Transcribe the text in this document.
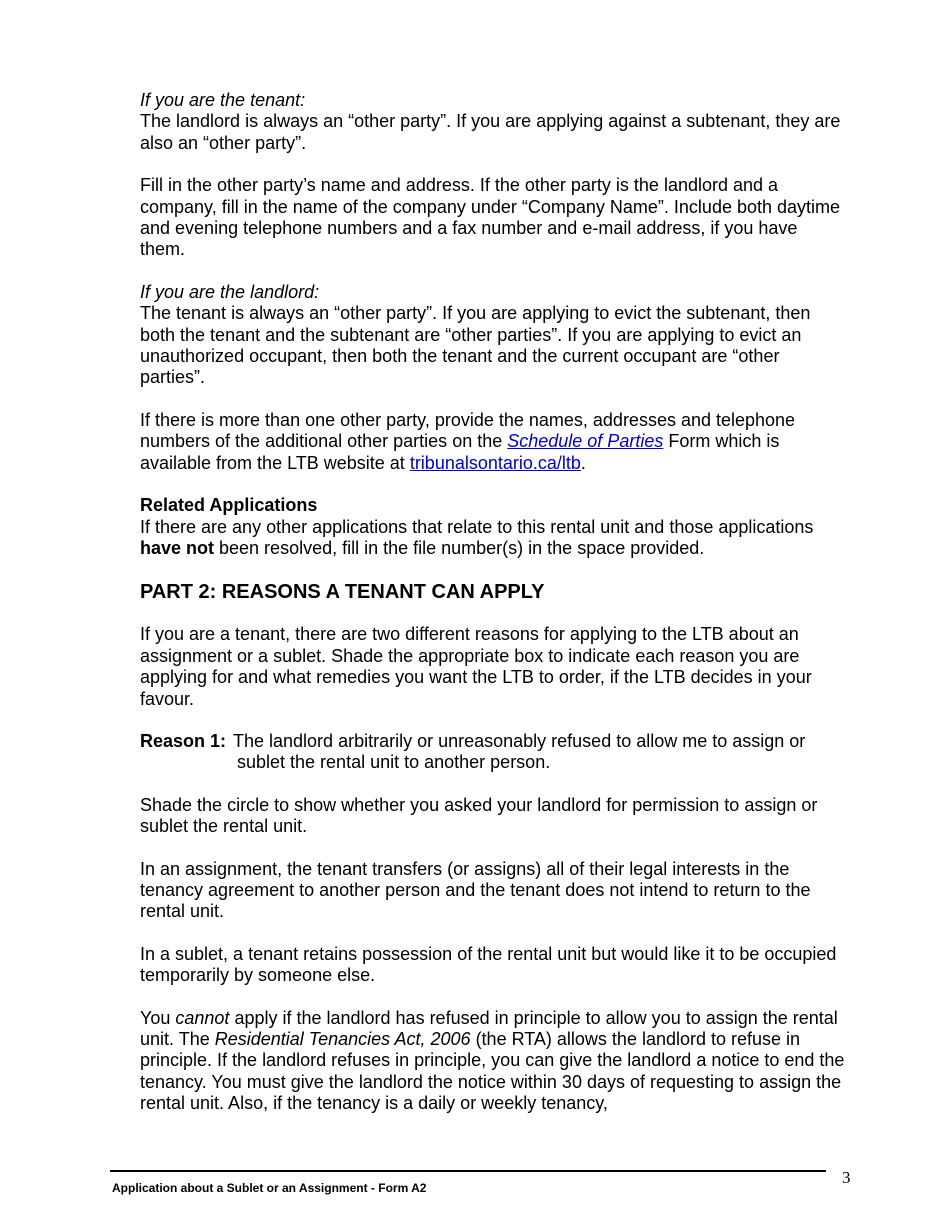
If you are the tenant:
The landlord is always an “other party”. If you are applying against a subtenant, they are also an “other party”.

Fill in the other party’s name and address. If the other party is the landlord and a company, fill in the name of the company under “Company Name”. Include both daytime and evening telephone numbers and a fax number and e-mail address, if you have them.

If you are the landlord:
The tenant is always an “other party”. If you are applying to evict the subtenant, then both the tenant and the subtenant are “other parties”. If you are applying to evict an unauthorized occupant, then both the tenant and the current occupant are “other parties”.

If there is more than one other party, provide the names, addresses and telephone numbers of the additional other parties on the Schedule of Parties Form which is available from the LTB website at tribunalsontario.ca/ltb.

Related Applications
If there are any other applications that relate to this rental unit and those applications have not been resolved, fill in the file number(s) in the space provided.

PART 2: REASONS A TENANT CAN APPLY

If you are a tenant, there are two different reasons for applying to the LTB about an assignment or a sublet. Shade the appropriate box to indicate each reason you are applying for and what remedies you want the LTB to order, if the LTB decides in your favour.

Reason 1: The landlord arbitrarily or unreasonably refused to allow me to assign or sublet the rental unit to another person.

Shade the circle to show whether you asked your landlord for permission to assign or sublet the rental unit.

In an assignment, the tenant transfers (or assigns) all of their legal interests in the tenancy agreement to another person and the tenant does not intend to return to the rental unit.

In a sublet, a tenant retains possession of the rental unit but would like it to be occupied temporarily by someone else.

You cannot apply if the landlord has refused in principle to allow you to assign the rental unit. The Residential Tenancies Act, 2006 (the RTA) allows the landlord to refuse in principle. If the landlord refuses in principle, you can give the landlord a notice to end the tenancy. You must give the landlord the notice within 30 days of requesting to assign the rental unit. Also, if the tenancy is a daily or weekly tenancy,

Application about a Sublet or an Assignment - Form A2
3
